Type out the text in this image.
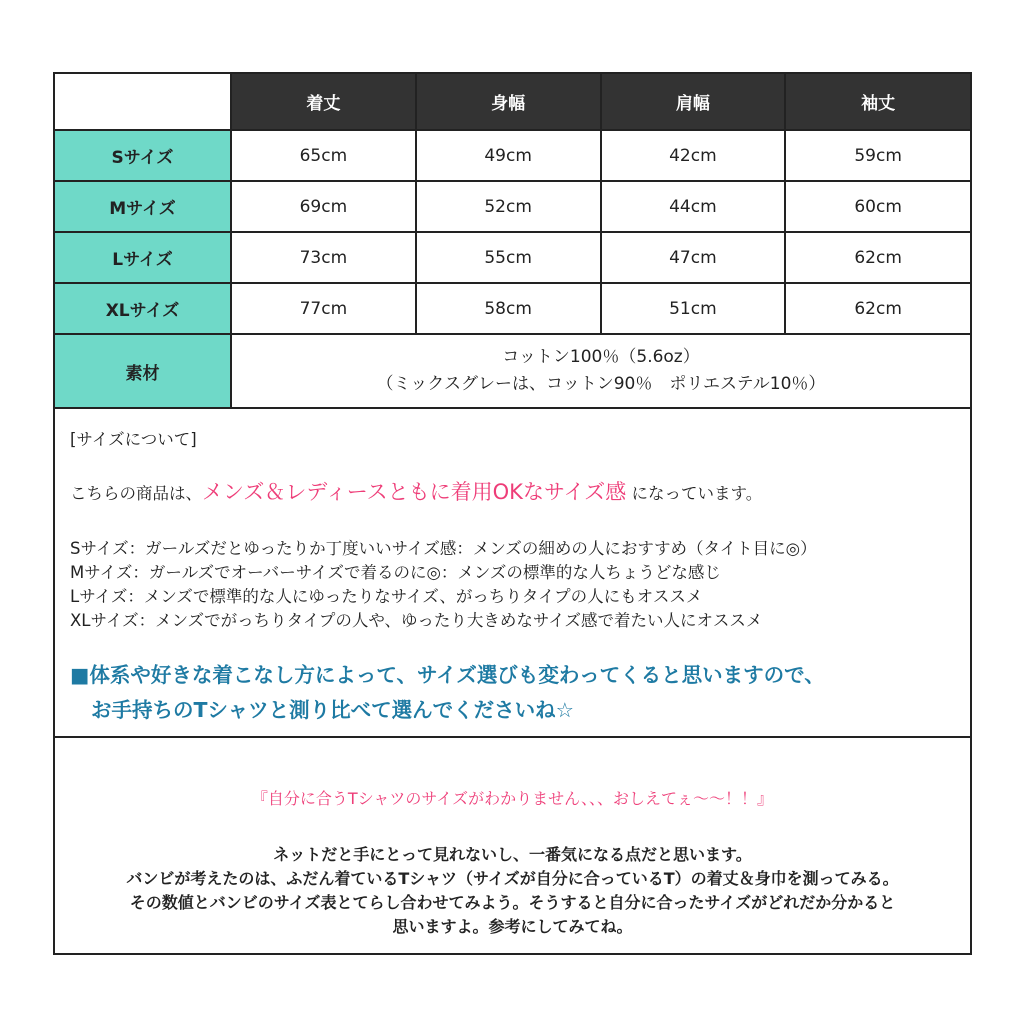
	着丈	身幅	肩幅	袖丈
Sサイズ	65cm	49cm	42cm	59cm
Mサイズ	69cm	52cm	44cm	60cm
Lサイズ	73cm	55cm	47cm	62cm
XLサイズ	77cm	58cm	51cm	62cm
素材	コットン100％（5.6oz）
（ミックスグレーは、コットン90％　ポリエステル10％）			
[サイズについて]
こちらの商品は、メンズ＆レディースともに着用OKなサイズ感 になっています。
Sサイズ：ガールズだとゆったりか丁度いいサイズ感：メンズの細めの人におすすめ（タイト目に◎）
Mサイズ：ガールズでオーバーサイズで着るのに◎：メンズの標準的な人ちょうどな感じ
Lサイズ：メンズで標準的な人にゆったりなサイズ、がっちりタイプの人にもオススメ
XLサイズ：メンズでがっちりタイプの人や、ゆったり大きめなサイズ感で着たい人にオススメ
■体系や好きな着こなし方によって、サイズ選びも変わってくると思いますので、
お手持ちのTシャツと測り比べて選んでくださいね☆
『自分に合うTシャツのサイズがわかりません、、、おしえてぇ〜〜！！』
ネットだと手にとって見れないし、一番気になる点だと思います。
バンビが考えたのは、ふだん着ているTシャツ（サイズが自分に合っているT）の着丈＆身巾を測ってみる。
その数値とバンビのサイズ表とてらし合わせてみよう。そうすると自分に合ったサイズがどれだか分かると
思いますよ。参考にしてみてね。
